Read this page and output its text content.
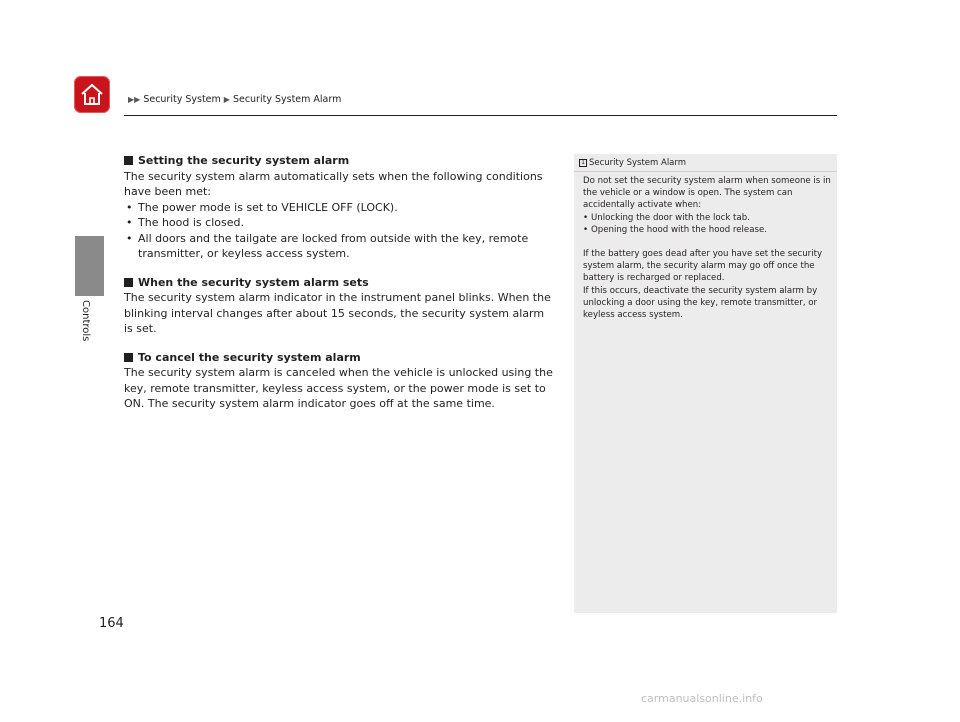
▶▶ Security System ▶ Security System Alarm
Controls
164
Setting the security system alarm

The security system alarm automatically sets when the following conditions have been met:

• The power mode is set to VEHICLE OFF (LOCK).
• The hood is closed.
• All doors and the tailgate are locked from outside with the key, remote transmitter, or keyless access system.
When the security system alarm sets

The security system alarm indicator in the instrument panel blinks. When the blinking interval changes after about 15 seconds, the security system alarm is set.

To cancel the security system alarm

The security system alarm is canceled when the vehicle is unlocked using the key, remote transmitter, keyless access system, or the power mode is set to ON. The security system alarm indicator goes off at the same time.

1 Security System Alarm

Do not set the security system alarm when someone is in the vehicle or a window is open. The system can accidentally activate when:

• Unlocking the door with the lock tab.
• Opening the hood with the hood release.

If the battery goes dead after you have set the security system alarm, the security alarm may go off once the battery is recharged or replaced.

If this occurs, deactivate the security system alarm by unlocking a door using the key, remote transmitter, or keyless access system.

carmanualsonline.info
